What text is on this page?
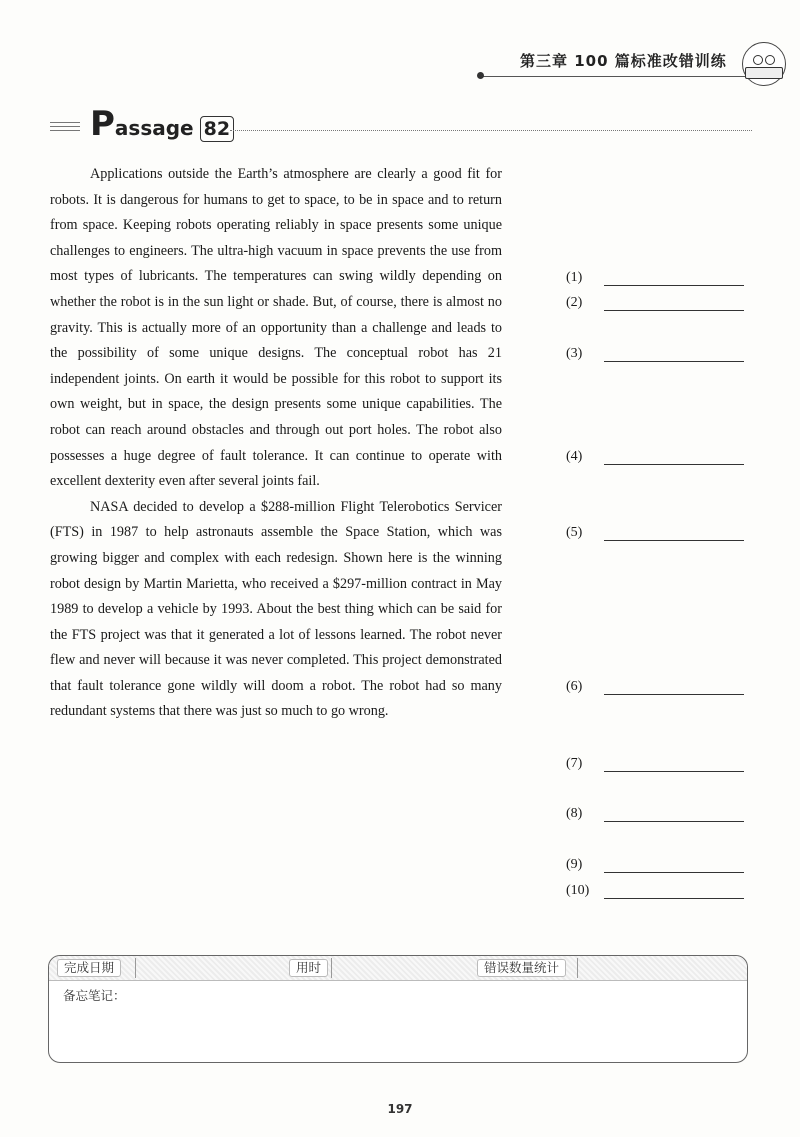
第三章 100 篇标准改错训练
Passage 82

Applications outside the Earth’s atmosphere are clearly a good fit for robots. It is dangerous for humans to get to space, to be in space and to return from space. Keeping robots operating reliably in space presents some unique challenges to engineers. The ultra-high vacuum in space prevents the use from most types of lubricants. The temperatures can swing wildly depending on whether the robot is in the sun light or shade. But, of course, there is almost no gravity. This is actually more of an opportunity than a challenge and leads to the possibility of some unique designs. The conceptual robot has 21 independent joints. On earth it would be possible for this robot to support its own weight, but in space, the design presents some unique capabilities. The robot can reach around obstacles and through out port holes. The robot also possesses a huge degree of fault tolerance. It can continue to operate with excellent dexterity even after several joints fail.

NASA decided to develop a $288-million Flight Telerobotics Servicer (FTS) in 1987 to help astronauts assemble the Space Station, which was growing bigger and complex with each redesign. Shown here is the winning robot design by Martin Marietta, who received a $297-million contract in May 1989 to develop a vehicle by 1993. About the best thing which can be said for the FTS project was that it generated a lot of lessons learned. The robot never flew and never will because it was never completed. This project demonstrated that fault tolerance gone wildly will doom a robot. The robot had so many redundant systems that there was just so much to go wrong.

(1)
(2)
(3)
(4)
(5)
(6)
(7)
(8)
(9)
(10)
完成日期	用时	错误数量统计
备忘笔记：
197
